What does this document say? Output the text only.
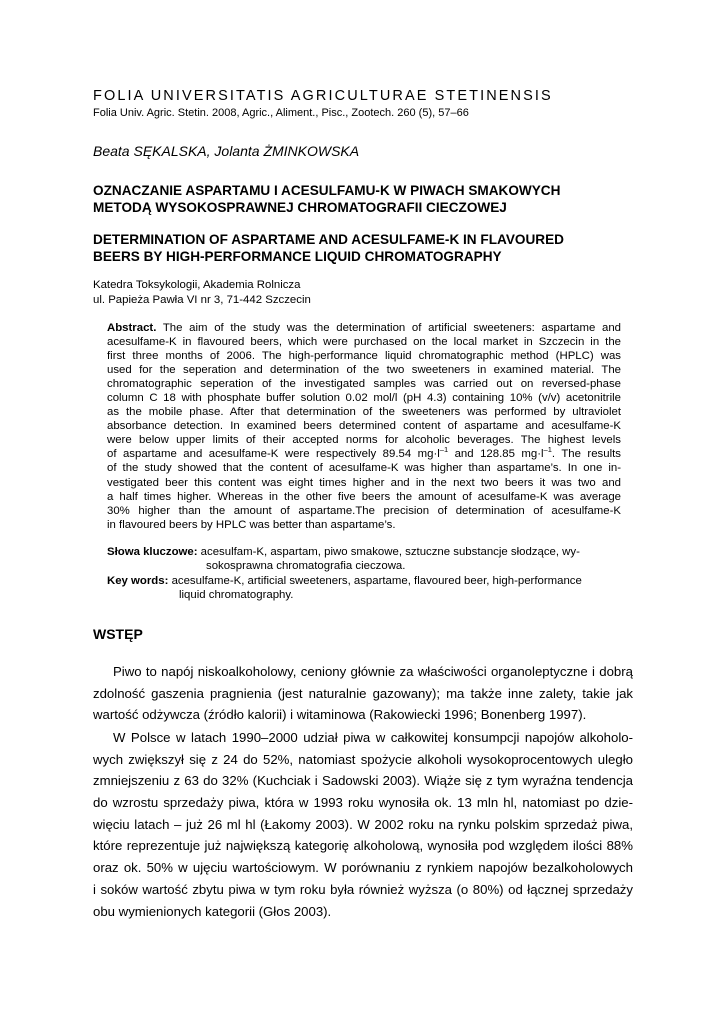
FOLIA UNIVERSITATIS AGRICULTURAE STETINENSIS
Folia Univ. Agric. Stetin. 2008, Agric., Aliment., Pisc., Zootech. 260 (5), 57–66
Beata SĘKALSKA, Jolanta ŻMINKOWSKA
OZNACZANIE ASPARTAMU I ACESULFAMU-K W PIWACH SMAKOWYCH
METODĄ WYSOKOSPRAWNEJ CHROMATOGRAFII CIECZOWEJ
DETERMINATION OF ASPARTAME AND ACESULFAME-K IN FLAVOURED
BEERS BY HIGH-PERFORMANCE LIQUID CHROMATOGRAPHY
Katedra Toksykologii, Akademia Rolnicza
ul. Papieża Pawła VI nr 3, 71-442 Szczecin
Abstract. The aim of the study was the determination of artificial sweeteners: aspartame and
acesulfame-K in flavoured beers, which were purchased on the local market in Szczecin in the
first three months of 2006. The high-performance liquid chromatographic method (HPLC) was
used for the seperation and determination of the two sweeteners in examined material. The
chromatographic seperation of the investigated samples was carried out on reversed-phase
column C 18 with phosphate buffer solution 0.02 mol/l (pH 4.3) containing 10% (v/v) acetonitrile
as the mobile phase. After that determination of the sweeteners was performed by ultraviolet
absorbance detection. In examined beers determined content of aspartame and acesulfame-K
were below upper limits of their accepted norms for alcoholic beverages. The highest levels
of aspartame and acesulfame-K were respectively 89.54 $mg\cdot l^{-1}$ and 128.85 $mg\cdot l^{-1}$. The results
of the study showed that the content of acesulfame-K was higher than aspartame’s. In one in-
vestigated beer this content was eight times higher and in the next two beers it was two and
a half times higher. Whereas in the other five beers the amount of acesulfame-K was average
30% higher than the amount of aspartame.The precision of determination of acesulfame-K
in flavoured beers by HPLC was better than aspartame’s.
Słowa kluczowe: acesulfam-K, aspartam, piwo smakowe, sztuczne substancje słodzące, wy-
sokosprawna chromatografia cieczowa.
Key words: acesulfame-K, artificial sweeteners, aspartame, flavoured beer, high-performance
liquid chromatography.
WSTĘP
Piwo to napój niskoalkoholowy, ceniony głównie za właściwości organoleptyczne i dobrą
zdolność gaszenia pragnienia (jest naturalnie gazowany); ma także inne zalety, takie jak
wartość odżywcza (źródło kalorii) i witaminowa (Rakowiecki 1996; Bonenberg 1997).
W Polsce w latach 1990–2000 udział piwa w całkowitej konsumpcji napojów alkoholo-
wych zwiększył się z 24 do 52%, natomiast spożycie alkoholi wysokoprocentowych uległo
zmniejszeniu z 63 do 32% (Kuchciak i Sadowski 2003). Wiąże się z tym wyraźna tendencja
do wzrostu sprzedaży piwa, która w 1993 roku wynosiła ok. 13 mln hl, natomiast po dzie-
więciu latach – już 26 ml hl (Łakomy 2003). W 2002 roku na rynku polskim sprzedaż piwa,
które reprezentuje już największą kategorię alkoholową, wynosiła pod względem ilości 88%
oraz ok. 50% w ujęciu wartościowym. W porównaniu z rynkiem napojów bezalkoholowych
i soków wartość zbytu piwa w tym roku była również wyższa (o 80%) od łącznej sprzedaży
obu wymienionych kategorii (Głos 2003).
